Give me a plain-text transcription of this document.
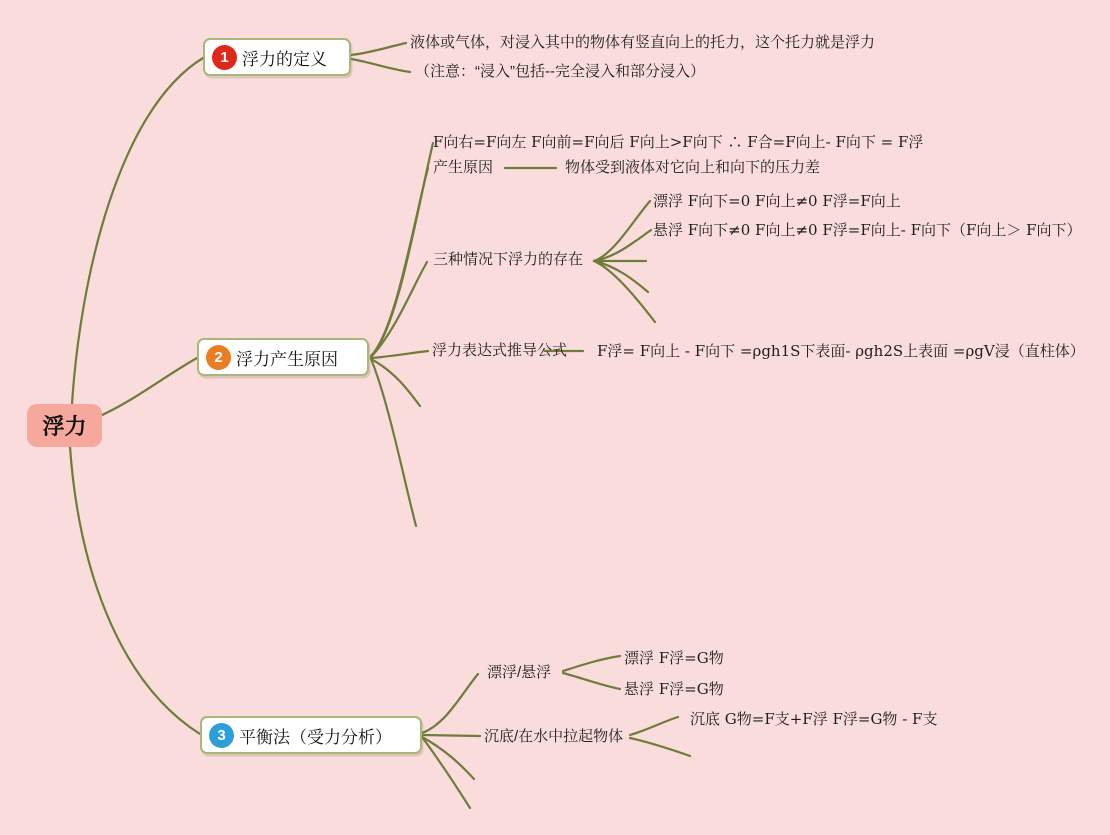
浮力
1 浮力的定义
2 浮力产生原因
3 平衡法（受力分析）
液体或气体，对浸入其中的物体有竖直向上的托力，这个托力就是浮力
（注意：“浸入”包括--完全浸入和部分浸入）
F向右=F向左 F向前=F向后 F向上>F向下 ∴ F合=F向上- F向下 = F浮
产生原因	物体受到液体对它向上和向下的压力差
三种情况下浮力的存在
漂浮 F向下=0 F向上≠0 F浮=F向上
悬浮 F向下≠0 F向上≠0 F浮=F向上- F向下（F向上＞ F向下）
浮力表达式推导公式 F浮= F向上 - F向下 =ρgh1S下表面- ρgh2S上表面 =ρgV浸（直柱体）
漂浮/悬浮
漂浮 F浮=G物
悬浮 F浮=G物
沉底/在水中拉起物体
沉底 G物=F支+F浮 F浮=G物 - F支
